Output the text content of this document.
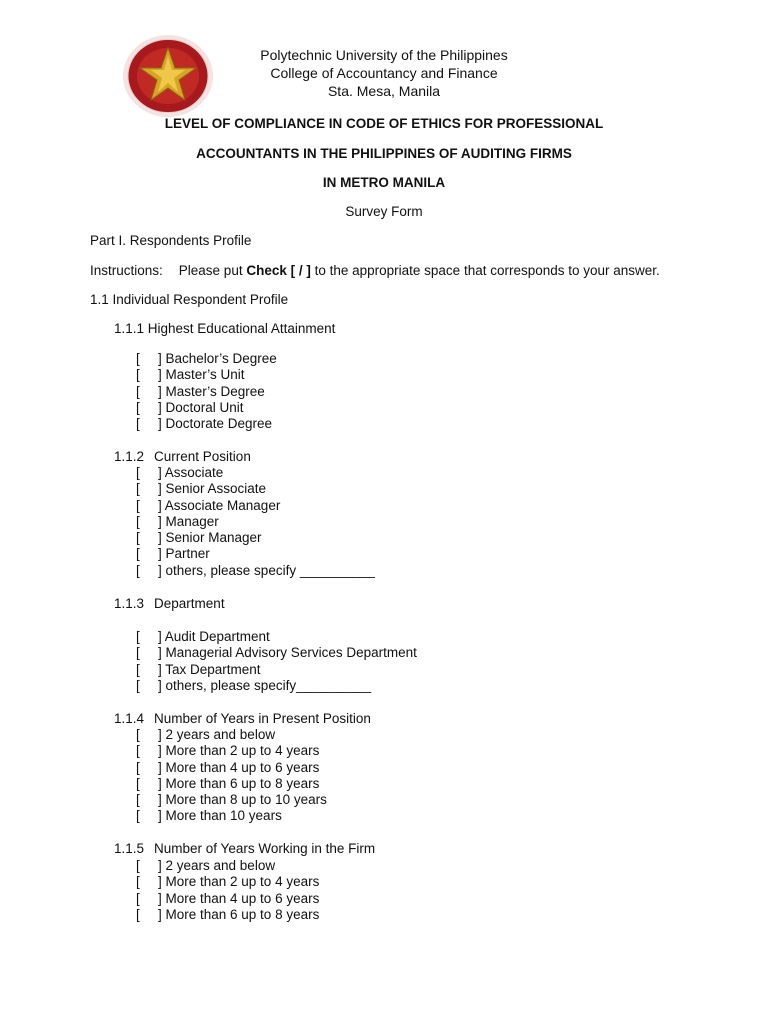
Polytechnic University of the Philippines
College of Accountancy and Finance
Sta. Mesa, Manila
LEVEL OF COMPLIANCE IN CODE OF ETHICS FOR PROFESSIONAL
ACCOUNTANTS IN THE PHILIPPINES OF AUDITING FIRMS
IN METRO MANILA
Survey Form
Part I. Respondents Profile
Instructions: Please put Check [ / ] to the appropriate space that corresponds to your answer.
1.1 Individual Respondent Profile
1.1.1 Highest Educational Attainment
[ ] Bachelor’s Degree
[ ] Master’s Unit
[ ] Master’s Degree
[ ] Doctoral Unit
[ ] Doctorate Degree
1.1.2 Current Position
[ ] Associate
[ ] Senior Associate
[ ] Associate Manager
[ ] Manager
[ ] Senior Manager
[ ] Partner
[ ] others, please specify __________
1.1.3 Department
[ ] Audit Department
[ ] Managerial Advisory Services Department
[ ] Tax Department
[ ] others, please specify__________
1.1.4 Number of Years in Present Position
[ ] 2 years and below
[ ] More than 2 up to 4 years
[ ] More than 4 up to 6 years
[ ] More than 6 up to 8 years
[ ] More than 8 up to 10 years
[ ] More than 10 years
1.1.5 Number of Years Working in the Firm
[ ] 2 years and below
[ ] More than 2 up to 4 years
[ ] More than 4 up to 6 years
[ ] More than 6 up to 8 years
